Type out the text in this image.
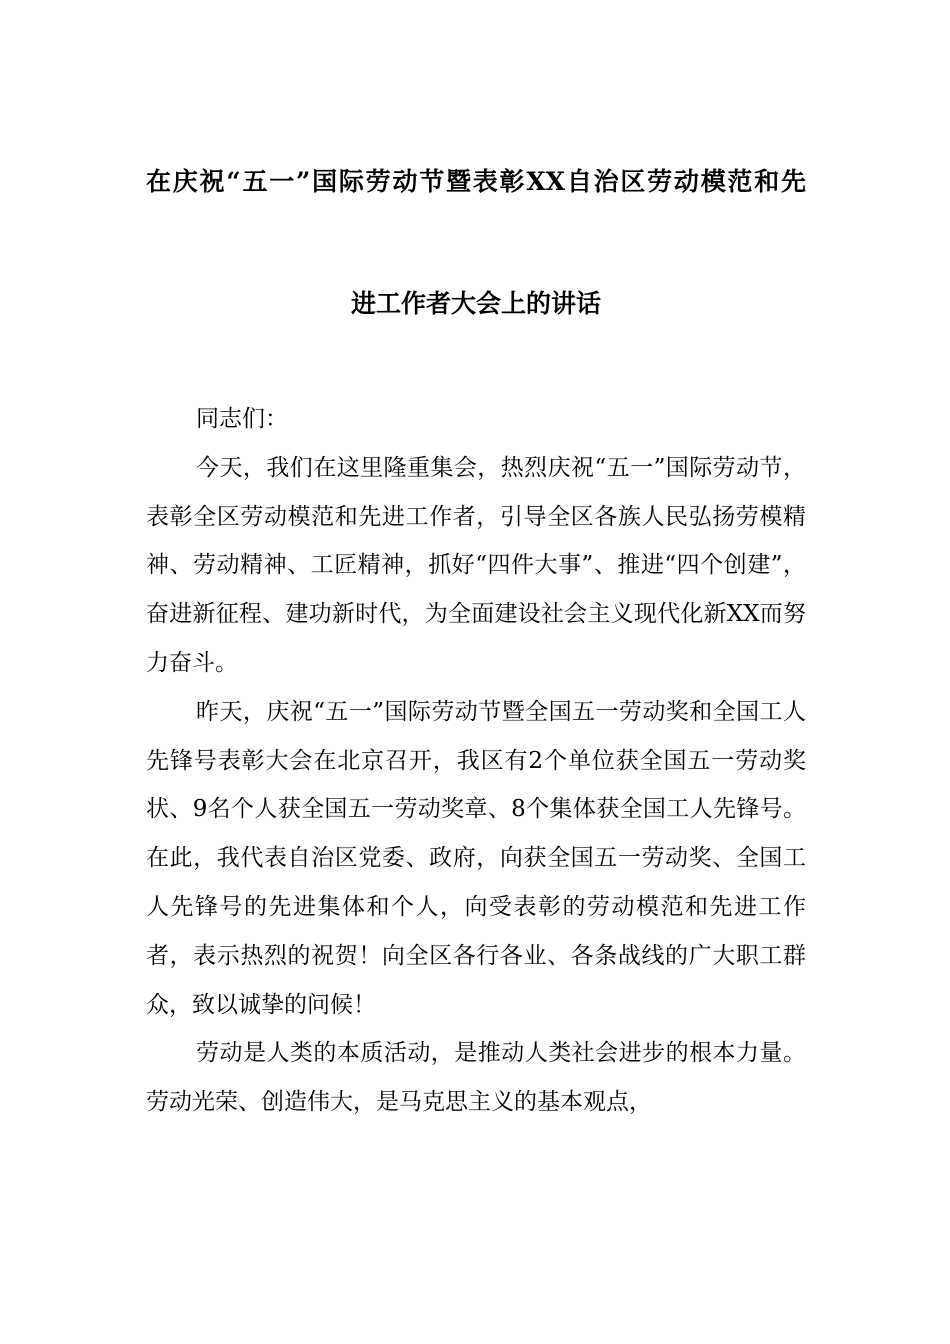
在庆祝“五一”国际劳动节暨表彰XX自治区劳动模范和先
进工作者大会上的讲话

同志们：

今天，我们在这里隆重集会，热烈庆祝“五一”国际劳动节，表彰全区劳动模范和先进工作者，引导全区各族人民弘扬劳模精神、劳动精神、工匠精神，抓好“四件大事”、推进“四个创建”，奋进新征程、建功新时代，为全面建设社会主义现代化新XX而努力奋斗。

昨天，庆祝“五一”国际劳动节暨全国五一劳动奖和全国工人先锋号表彰大会在北京召开，我区有2个单位获全国五一劳动奖状、9名个人获全国五一劳动奖章、8个集体获全国工人先锋号。在此，我代表自治区党委、政府，向获全国五一劳动奖、全国工人先锋号的先进集体和个人，向受表彰的劳动模范和先进工作者，表示热烈的祝贺！向全区各行各业、各条战线的广大职工群众，致以诚挚的问候！

劳动是人类的本质活动，是推动人类社会进步的根本力量。劳动光荣、创造伟大，是马克思主义的基本观点，
